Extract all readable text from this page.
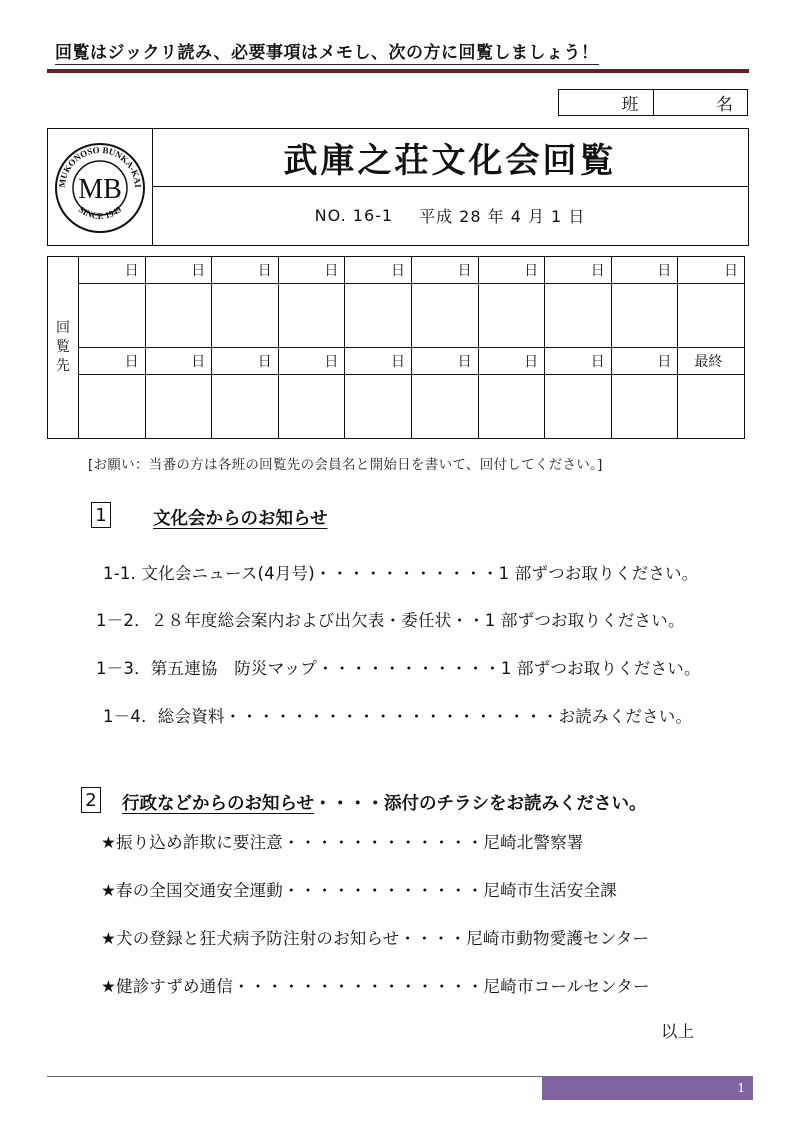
回覧はジックリ読み、必要事項はメモし、次の方に回覧しましょう！
班	名
MUKONOSO BUNKA-KAI
SINCE 1949
MB
武庫之荘文化会回覧
NO. 16-1 平成 28 年 4 月 1 日
回
覧
先	日	日	日	日	日	日	日	日	日	日

	日	日	日	日	日	日	日	日	日	最終

[お願い：当番の方は各班の回覧先の会員名と開始日を書いて、回付してください。]
1	文化会からのお知らせ
1-1. 文化会ニュース(4月号)・・・・・・・・・・・1 部ずつお取りください。
1－2．２８年度総会案内および出欠表・委任状・・1 部ずつお取りください。
1－3．第五連協　防災マップ・・・・・・・・・・・1 部ずつお取りください。
1－4．総会資料・・・・・・・・・・・・・・・・・・・・お読みください。
2 行政などからのお知らせ・・・・添付のチラシをお読みください。
★振り込め詐欺に要注意・・・・・・・・・・・・尼崎北警察署
★春の全国交通安全運動・・・・・・・・・・・・尼崎市生活安全課
★犬の登録と狂犬病予防注射のお知らせ・・・・尼崎市動物愛護センター
★健診すずめ通信・・・・・・・・・・・・・・・尼崎市コールセンター
以上
1
